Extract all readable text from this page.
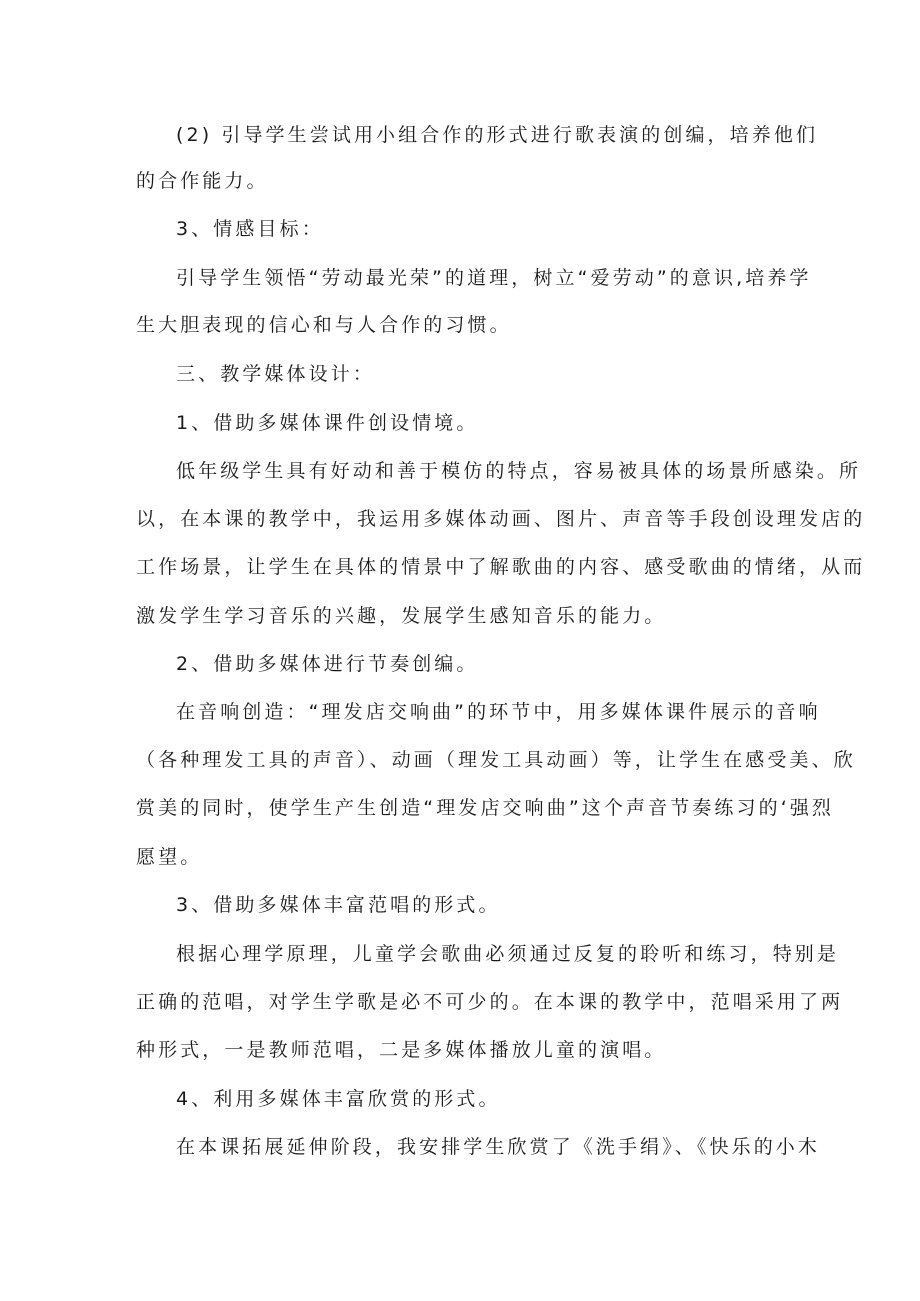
(2) 引导学生尝试用小组合作的形式进行歌表演的创编，培养他们
的合作能力。
3、情感目标：
引导学生领悟“劳动最光荣”的道理，树立“爱劳动”的意识,培养学
生大胆表现的信心和与人合作的习惯。
三、教学媒体设计：
1、借助多媒体课件创设情境。
低年级学生具有好动和善于模仿的特点，容易被具体的场景所感染。所
以，在本课的教学中，我运用多媒体动画、图片、声音等手段创设理发店的
工作场景，让学生在具体的情景中了解歌曲的内容、感受歌曲的情绪，从而
激发学生学习音乐的兴趣，发展学生感知音乐的能力。
2、借助多媒体进行节奏创编。
在音响创造：“理发店交响曲”的环节中，用多媒体课件展示的音响
（各种理发工具的声音）、动画（理发工具动画）等，让学生在感受美、欣
赏美的同时，使学生产生创造“理发店交响曲”这个声音节奏练习的‘强烈
愿望。
3、借助多媒体丰富范唱的形式。
根据心理学原理，儿童学会歌曲必须通过反复的聆听和练习，特别是
正确的范唱，对学生学歌是必不可少的。在本课的教学中，范唱采用了两
种形式，一是教师范唱，二是多媒体播放儿童的演唱。
4、利用多媒体丰富欣赏的形式。
在本课拓展延伸阶段，我安排学生欣赏了《洗手绢》、《快乐的小木
